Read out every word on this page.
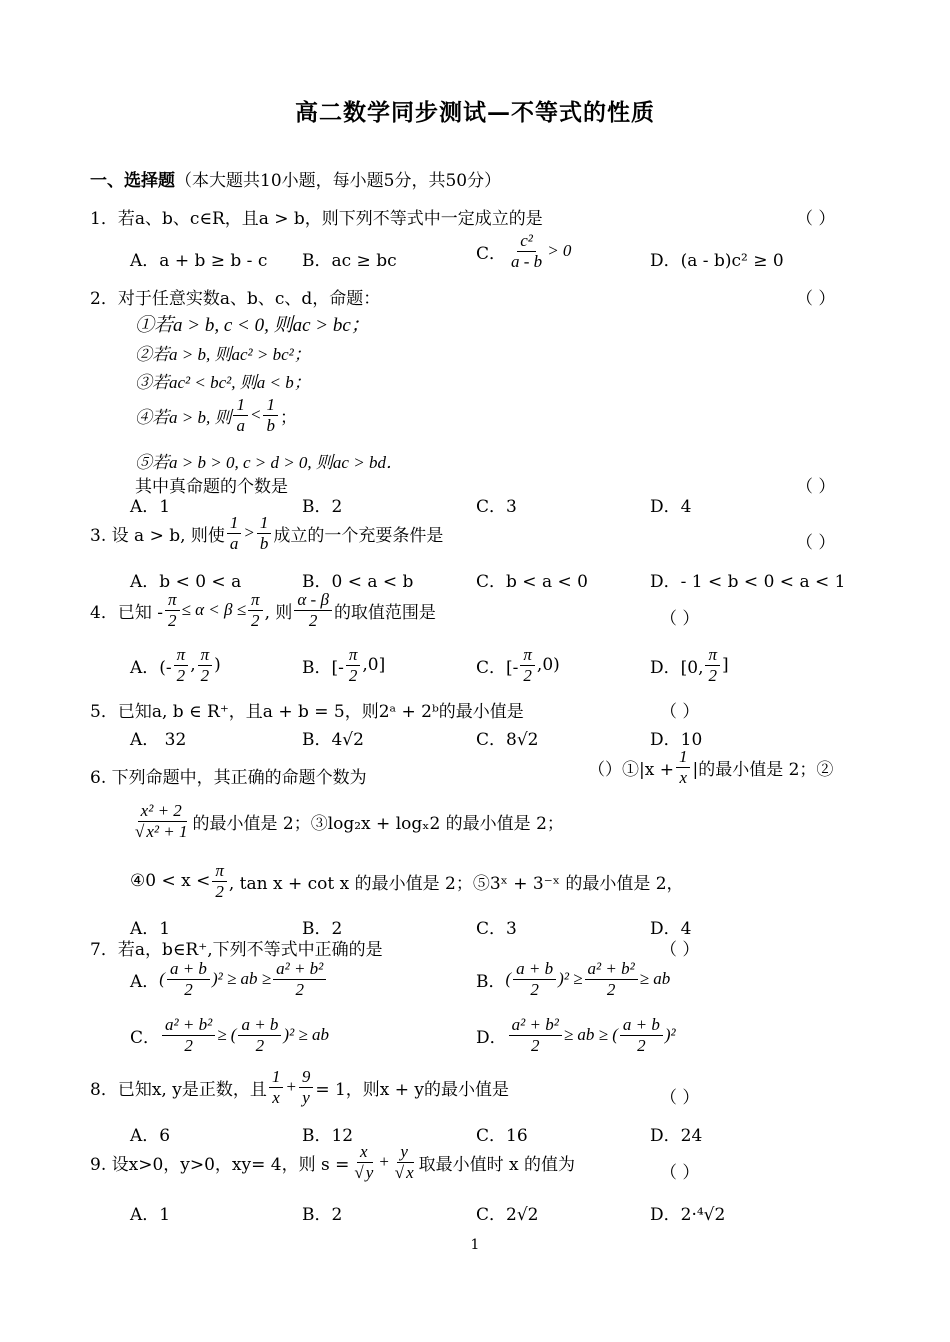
高二数学同步测试—不等式的性质
一、选择题（本大题共10小题，每小题5分，共50分）
1．若a、b、c∈R，且a > b，则下列不等式中一定成立的是	（ ）
A．a + b ≥ b - c B．ac ≥ bc	C． $\frac{\text{c²}}{a - b} > 0$
D．(a - b)c² ≥ 0
2．对于任意实数a、b、c、d，命题：	（ ）
①若a > b, c < 0, 则ac > bc；
②若a > b, 则ac² > bc²；
③若ac² < bc², 则a < b；
④若a > b, 则 $\frac{1}{a} < \frac{1}{b}$ ；
⑤若a > b > 0, c > d > 0, 则ac > bd．
其中真命题的个数是	（ ）
A．1	B．2	C．3	D．4
3. 设 a > b, 则使 $\frac{1}{a} > \frac{1}{b}$ 成立的一个充要条件是	（ ）
A．b < 0 < a	B．0 < a < b	C．b < a < 0	D．- 1 < b < 0 < a < 1
4．已知 - $\frac{\pi}{2} \le \alpha < \beta \le \frac{\pi}{2}$ , 则 $\frac{\alpha - \beta}{2}$ 的取值范围是	（ ）
A．(- $\frac{\pi}{2}$ , $\frac{\pi}{2}$ )	B．[- $\frac{\pi}{2} ,0$]	C．[- $\frac{\pi}{2} ,0$)	D．[0, $\frac{\pi}{2}$ ]
5．已知a, b ∈ R⁺，且a + b = 5，则2ᵃ + 2ᵇ的最小值是	（ ）
A． 32	B．4√2	C．8√2	D．10
6. 下列命题中，其正确的命题个数为	（ ）①|x + $\frac{1}{x}$ |的最小值是 2；②
$\frac{\text{x² + 2}}{\text{√ x² + 1}}$ 的最小值是 2；③log₂x + logₓ2 的最小值是 2；
④0 < $x < \frac{\pi}{2}$ , tan x + cot x 的最小值是 2；⑤3ˣ + 3⁻ˣ 的最小值是 2，
A．1	B．2	C．3	D．4
7．若a，b∈R⁺,下列不等式中正确的是	（ ）
A． ( $\frac{a + b}{2} )^2$ ≥ ab ≥ $\frac{\text{a² + b²}}{2}$	B． ( $\frac{a + b}{2} )^2 \ge \frac{\text{a² + b²}}{2}$ ≥ ab
C． $\frac{\text{a² + b²}}{2}$ ≥ ( $\frac{a + b}{2} )^2$ ≥ ab	D． $\frac{\text{a² + b²}}{2}$ ≥ ab ≥ ( $\frac{a + b}{2} )^2$
8．已知x, y是正数，且 $\frac{1}{x} + \frac{9}{y} = 1$，则x + y的最小值是	（ ）
A．6	B．12	C．16	D．24
9. 设x>0，y>0，xy= 4，则 $s = \frac{x}{√ y} + \frac{y}{√ x}$ 取最小值时 x 的值为	（ ）
A．1	B．2	C．2√2	D．2·⁴√2
1
